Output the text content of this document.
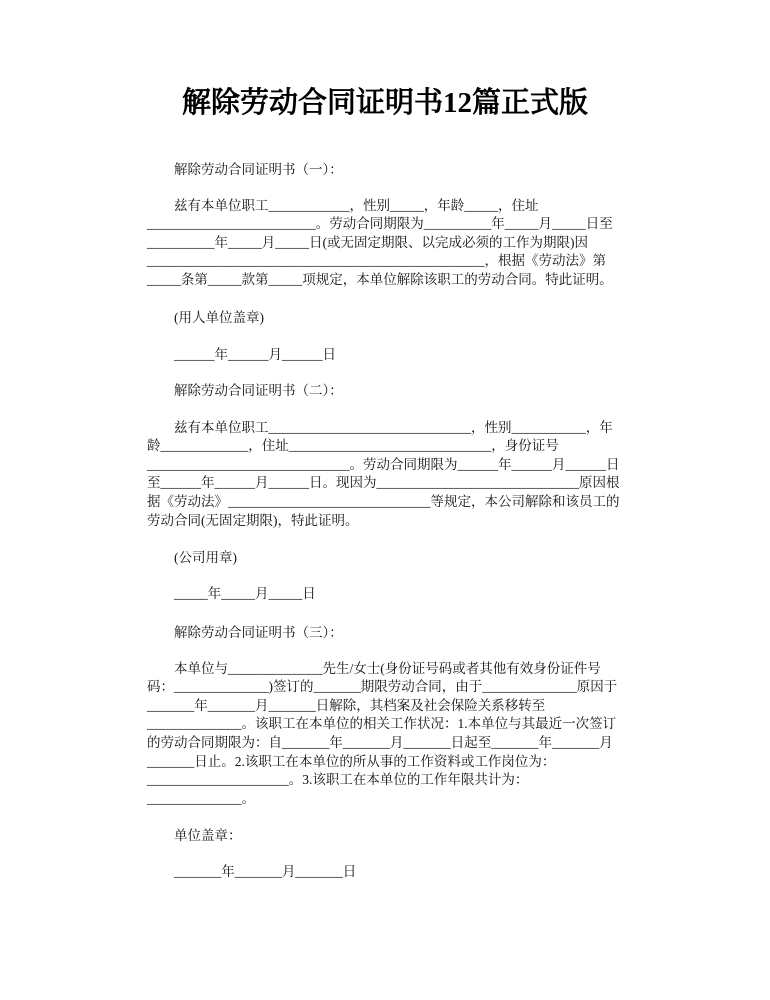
解除劳动合同证明书12篇正式版
解除劳动合同证明书（一）：
兹有本单位职工____________，性别_____，年龄_____，住址
_________________________。劳动合同期限为__________年_____月_____日至
__________年_____月_____日(或无固定期限、以完成必须的工作为期限)因
__________________________________________________，根据《劳动法》第
_____条第_____款第_____项规定，本单位解除该职工的劳动合同。特此证明。
(用人单位盖章)
______年______月______日
解除劳动合同证明书（二）：
兹有本单位职工______________________________，性别___________，年
龄_____________，住址______________________________，身份证号
______________________________。劳动合同期限为______年______月______日
至______年______月______日。现因为______________________________原因根
据《劳动法》______________________________等规定，本公司解除和该员工的
劳动合同(无固定期限)，特此证明。
(公司用章)
_____年_____月_____日
解除劳动合同证明书（三）：
本单位与______________先生/女士(身份证号码或者其他有效身份证件号
码：______________)签订的_______期限劳动合同，由于______________原因于
_______年_______月_______日解除，其档案及社会保险关系移转至
______________。该职工在本单位的相关工作状况：1.本单位与其最近一次签订
的劳动合同期限为：自_______年_______月_______日起至_______年_______月
_______日止。2.该职工在本单位的所从事的工作资料或工作岗位为：
_____________________。3.该职工在本单位的工作年限共计为：
______________。
单位盖章：
_______年_______月_______日
